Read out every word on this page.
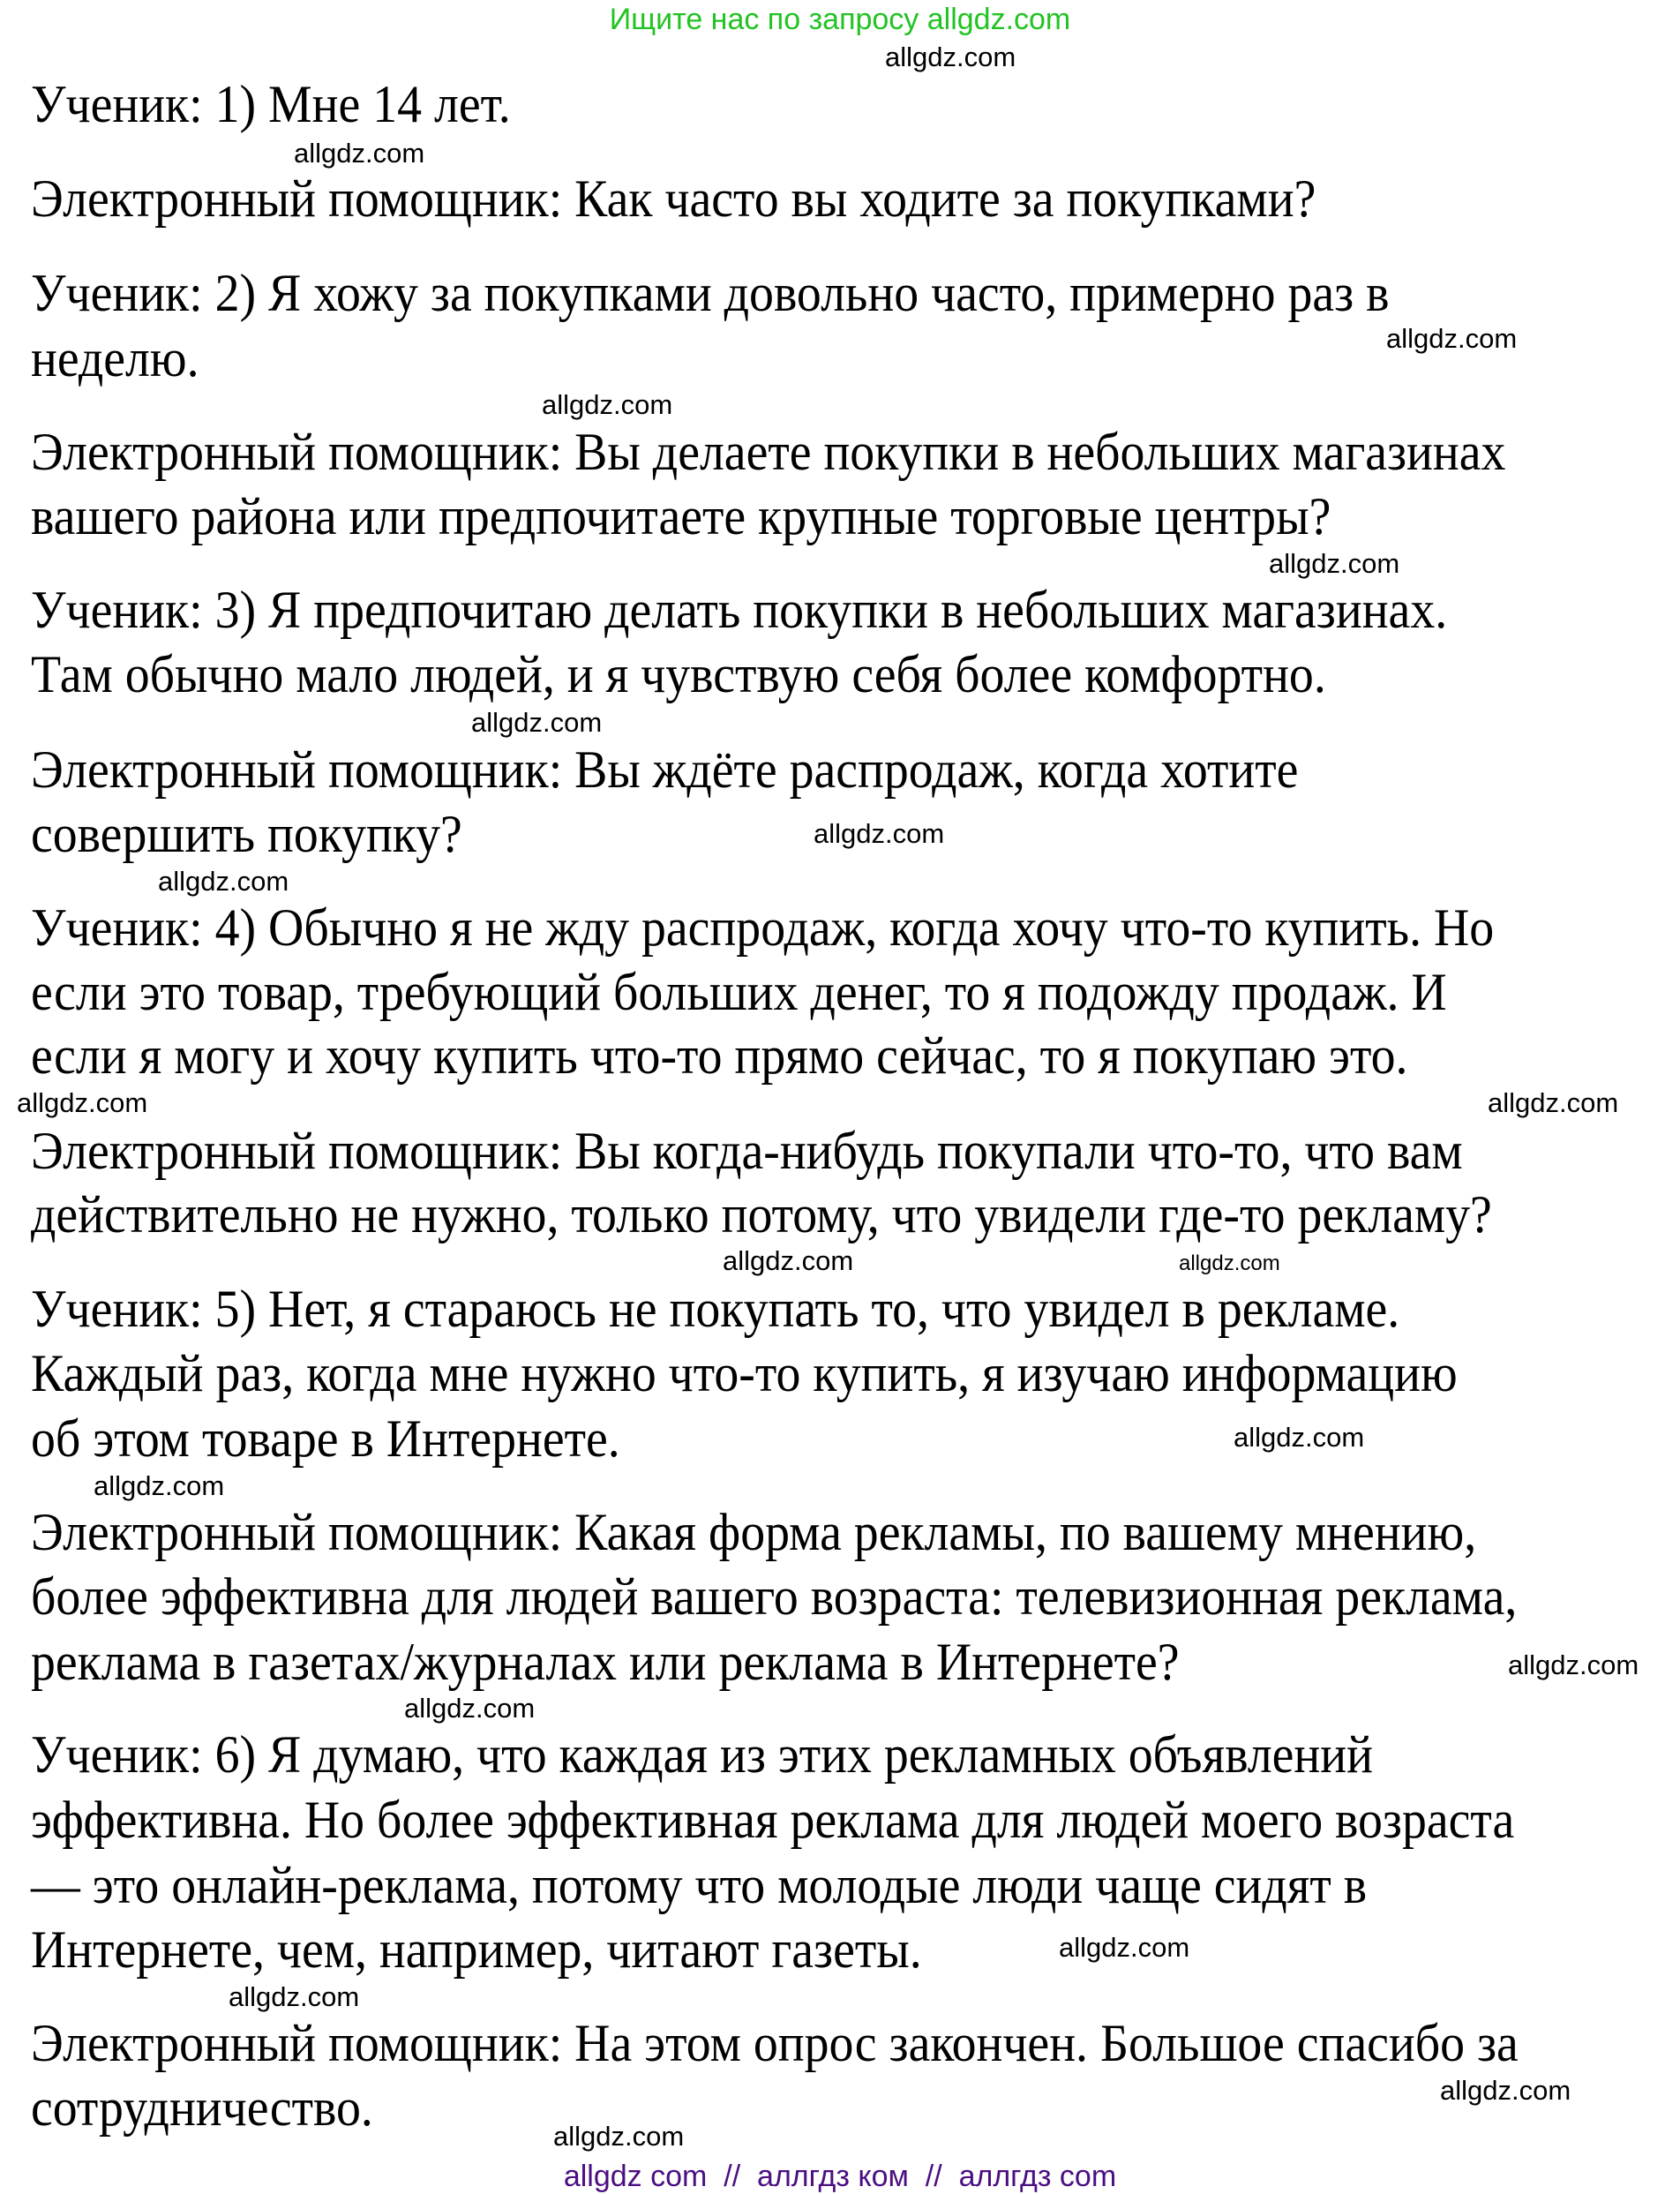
Ищите нас по запросу allgdz.com
Ученик: 1) Мне 14 лет.
Электронный помощник: Как часто вы ходите за покупками?
Ученик: 2) Я хожу за покупками довольно часто, примерно раз в
неделю.
Электронный помощник: Вы делаете покупки в небольших магазинах
вашего района или предпочитаете крупные торговые центры?
Ученик: 3) Я предпочитаю делать покупки в небольших магазинах.
Там обычно мало людей, и я чувствую себя более комфортно.
Электронный помощник: Вы ждёте распродаж, когда хотите
совершить покупку?
Ученик: 4) Обычно я не жду распродаж, когда хочу что-то купить. Но
если это товар, требующий больших денег, то я подожду продаж. И
если я могу и хочу купить что-то прямо сейчас, то я покупаю это.
Электронный помощник: Вы когда-нибудь покупали что-то, что вам
действительно не нужно, только потому, что увидели где-то рекламу?
Ученик: 5) Нет, я стараюсь не покупать то, что увидел в рекламе.
Каждый раз, когда мне нужно что-то купить, я изучаю информацию
об этом товаре в Интернете.
Электронный помощник: Какая форма рекламы, по вашему мнению,
более эффективна для людей вашего возраста: телевизионная реклама,
реклама в газетах/журналах или реклама в Интернете?
Ученик: 6) Я думаю, что каждая из этих рекламных объявлений
эффективна. Но более эффективная реклама для людей моего возраста
— это онлайн-реклама, потому что молодые люди чаще сидят в
Интернете, чем, например, читают газеты.
Электронный помощник: На этом опрос закончен. Большое спасибо за
сотрудничество.
allgdz.com
allgdz.com
allgdz.com
allgdz.com
allgdz.com
allgdz.com
allgdz.com
allgdz.com
allgdz.com
allgdz.com
allgdz.com
allgdz.com
allgdz.com
allgdz.com
allgdz.com
allgdz.com
allgdz.com
allgdz.com
allgdz.com
allgdz.com
allgdz com  //  аллгдз ком  //  аллгдз com
